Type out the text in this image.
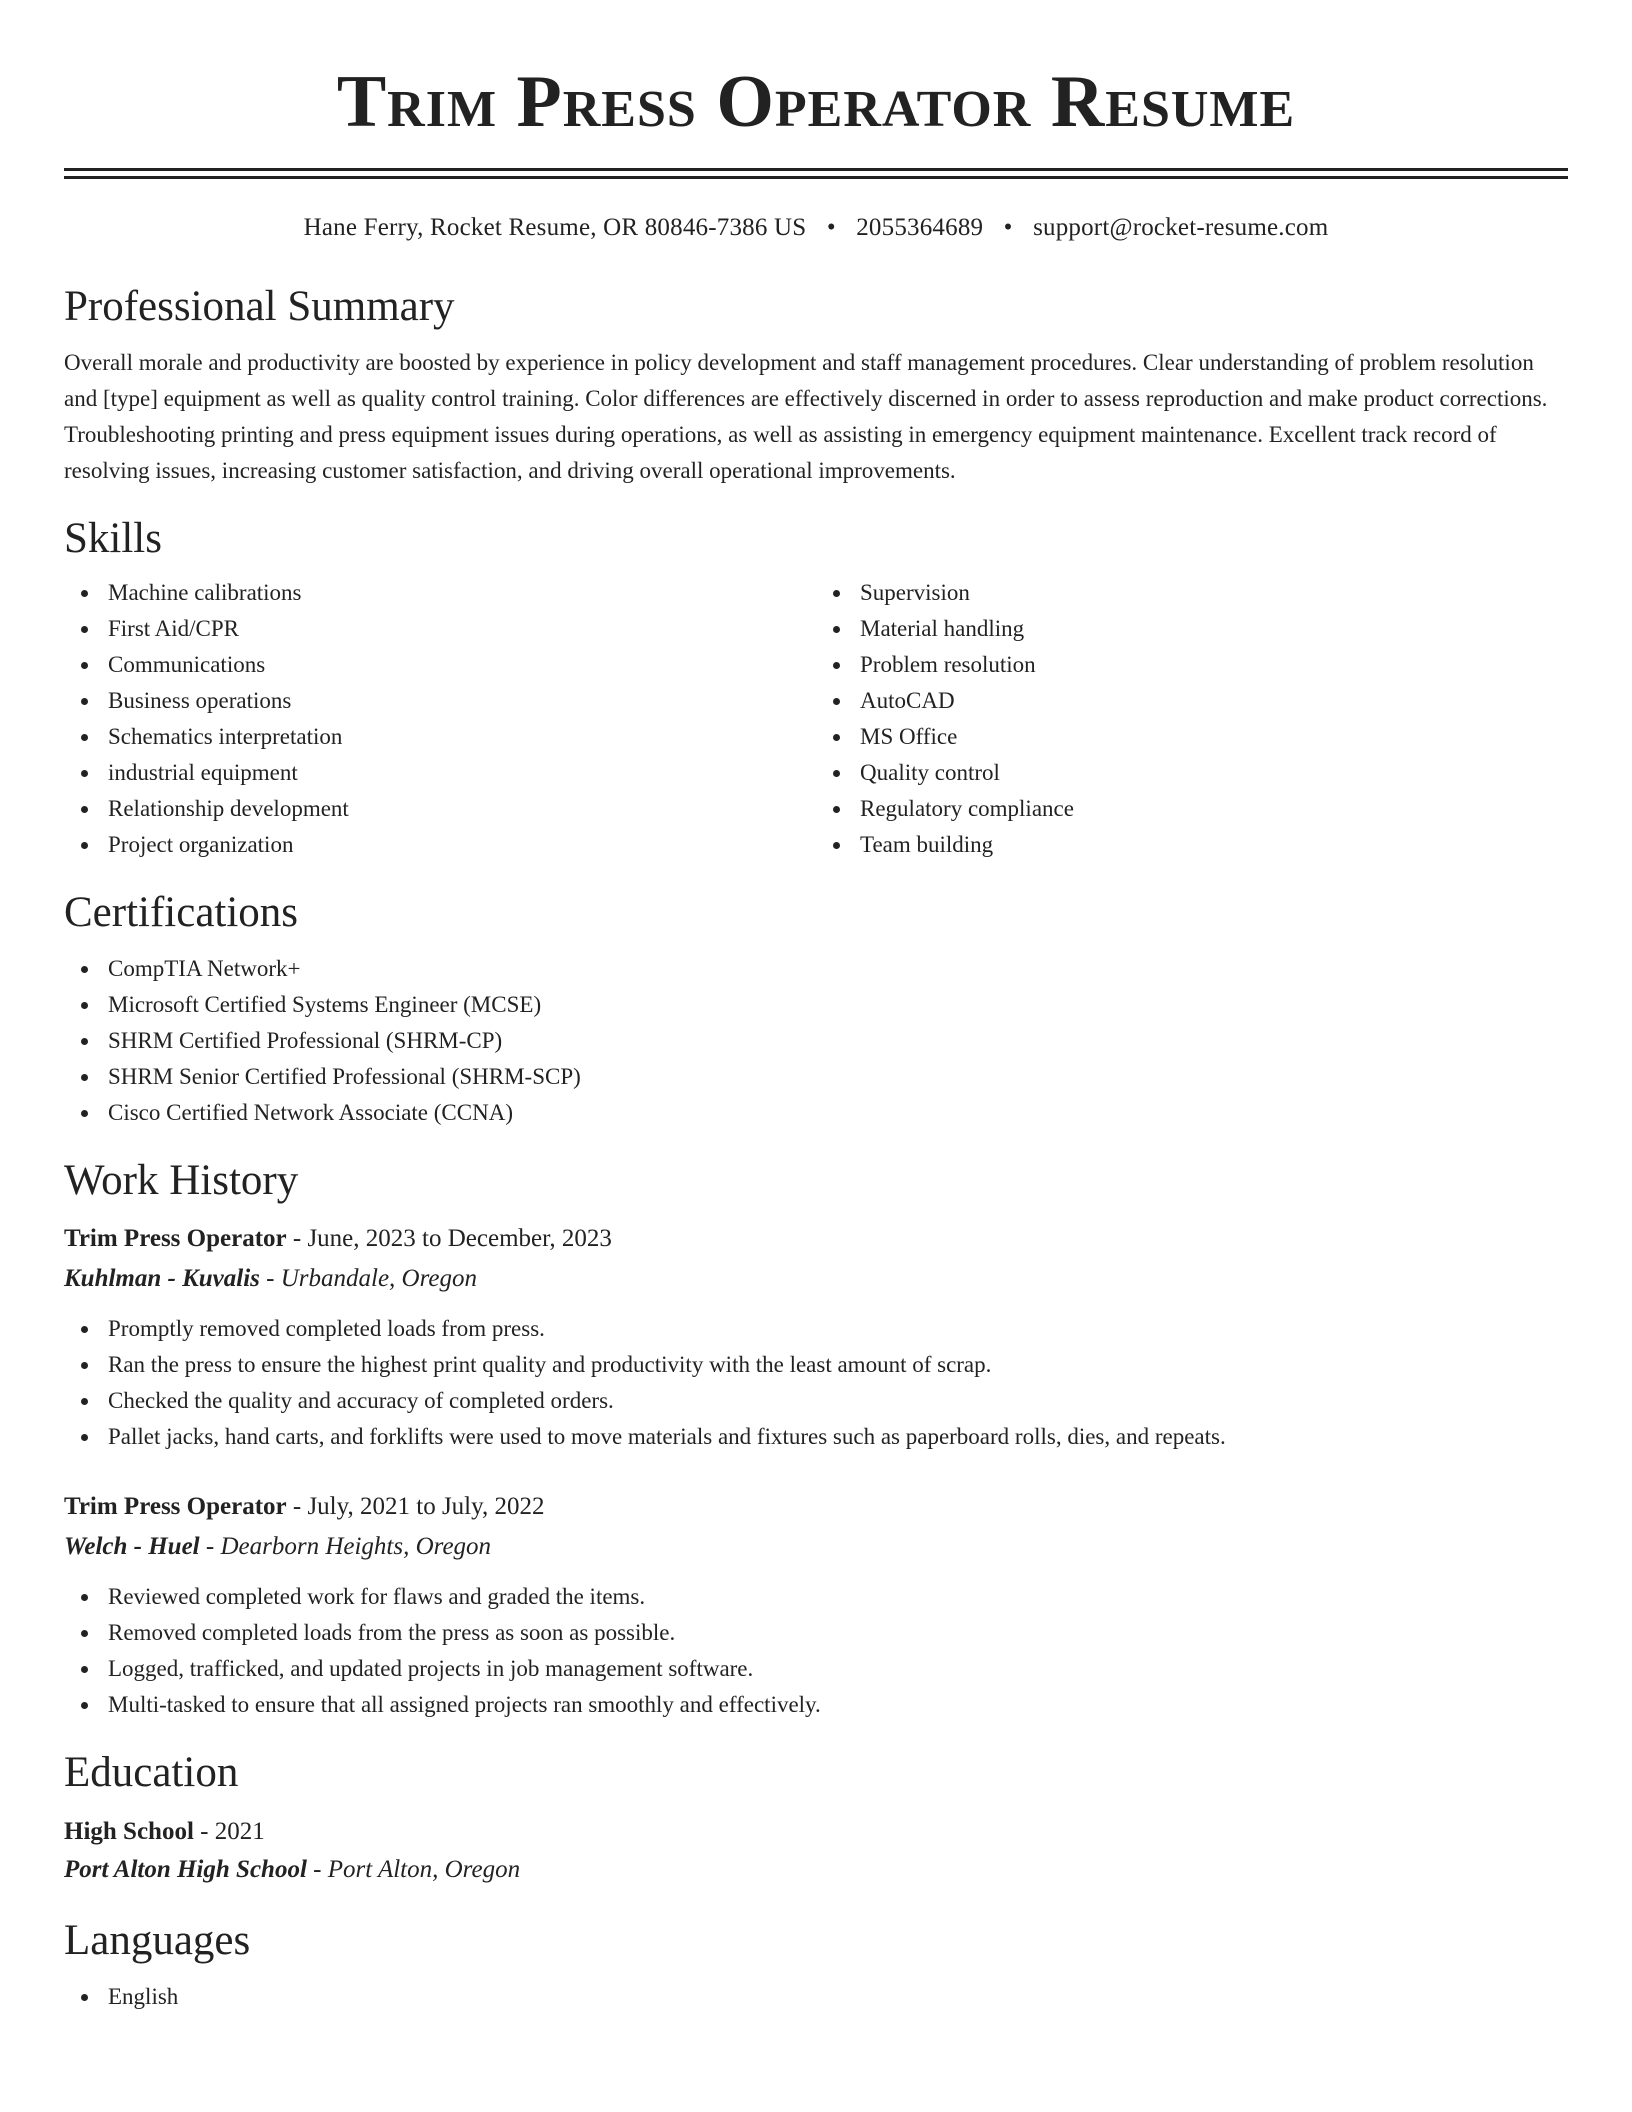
Trim Press Operator Resume
Hane Ferry, Rocket Resume, OR 80846-7386 US • 2055364689 • support@rocket-resume.com
Professional Summary
Overall morale and productivity are boosted by experience in policy development and staff management procedures. Clear understanding of problem resolution and [type] equipment as well as quality control training. Color differences are effectively discerned in order to assess reproduction and make product corrections. Troubleshooting printing and press equipment issues during operations, as well as assisting in emergency equipment maintenance. Excellent track record of resolving issues, increasing customer satisfaction, and driving overall operational improvements.
Skills
Machine calibrations
First Aid/CPR
Communications
Business operations
Schematics interpretation
industrial equipment
Relationship development
Project organization
Supervision
Material handling
Problem resolution
AutoCAD
MS Office
Quality control
Regulatory compliance
Team building
Certifications
CompTIA Network+
Microsoft Certified Systems Engineer (MCSE)
SHRM Certified Professional (SHRM-CP)
SHRM Senior Certified Professional (SHRM-SCP)
Cisco Certified Network Associate (CCNA)
Work History
Trim Press Operator - June, 2023 to December, 2023
Kuhlman - Kuvalis - Urbandale, Oregon
Promptly removed completed loads from press.
Ran the press to ensure the highest print quality and productivity with the least amount of scrap.
Checked the quality and accuracy of completed orders.
Pallet jacks, hand carts, and forklifts were used to move materials and fixtures such as paperboard rolls, dies, and repeats.
Trim Press Operator - July, 2021 to July, 2022
Welch - Huel - Dearborn Heights, Oregon
Reviewed completed work for flaws and graded the items.
Removed completed loads from the press as soon as possible.
Logged, trafficked, and updated projects in job management software.
Multi-tasked to ensure that all assigned projects ran smoothly and effectively.
Education
High School - 2021
Port Alton High School - Port Alton, Oregon
Languages
English
